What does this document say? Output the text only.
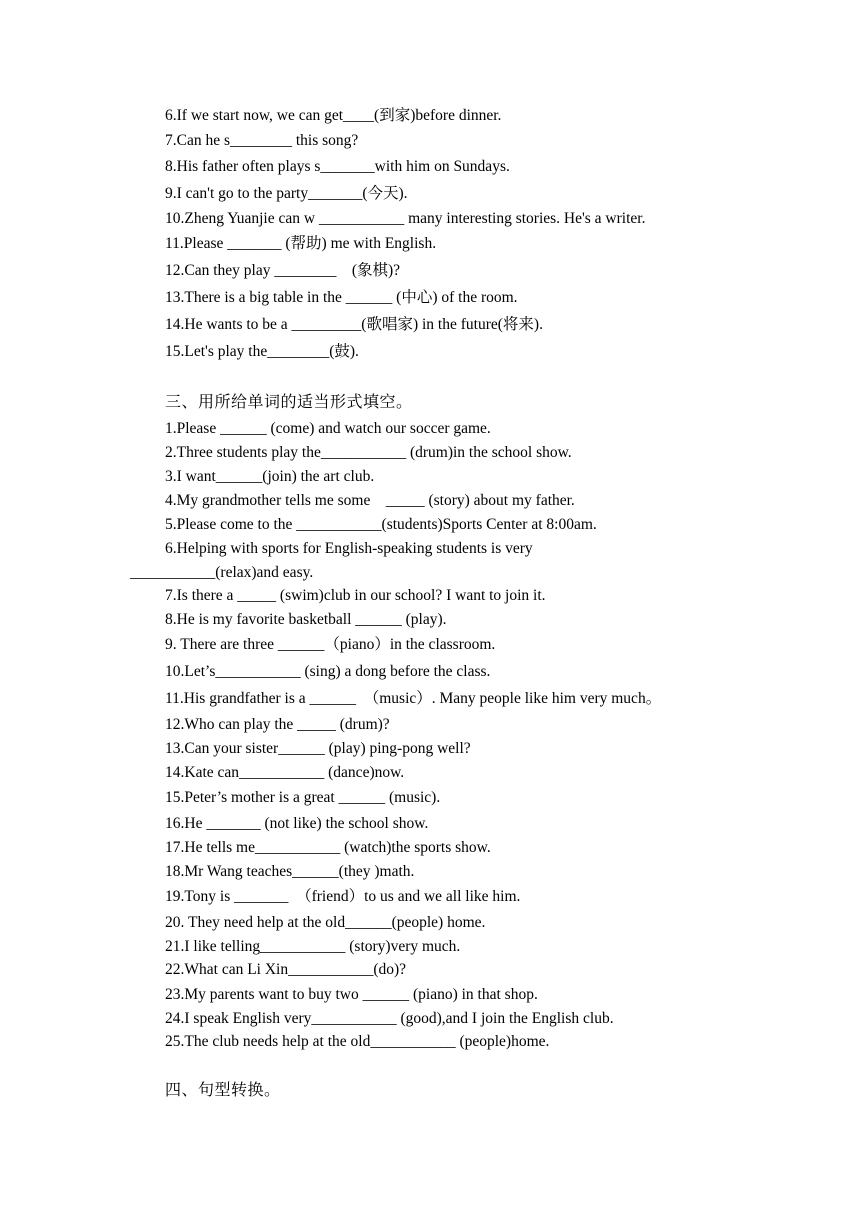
6.If we start now, we can get____(到家)before dinner.
7.Can he s________ this song?
8.His father often plays s_______with him on Sundays.
9.I can't go to the party_______(今天).
10.Zheng Yuanjie can w ___________ many interesting stories. He's a writer.
11.Please _______ (帮助) me with English.
12.Can they play ________    (象棋)?
13.There is a big table in the ______ (中心) of the room.
14.He wants to be a _________(歌唱家) in the future(将来).
15.Let's play the________(鼓).
三、用所给单词的适当形式填空。
1.Please ______ (come) and watch our soccer game.
2.Three students play the___________ (drum)in the school show.
3.I want______(join) the art club.
4.My grandmother tells me some    _____ (story) about my father.
5.Please come to the ___________(students)Sports Center at 8:00am.
6.Helping with sports for English-speaking students is very
___________(relax)and easy.
7.Is there a _____ (swim)club in our school? I want to join it.
8.He is my favorite basketball ______ (play).
9. There are three ______（piano）in the classroom.
10.Let’s___________ (sing) a dong before the class.
11.His grandfather is a ______  （music）. Many people like him very much。
12.Who can play the _____ (drum)?
13.Can your sister______ (play) ping-pong well?
14.Kate can___________ (dance)now.
15.Peter’s mother is a great ______ (music).
16.He _______ (not like) the school show.
17.He tells me___________ (watch)the sports show.
18.Mr Wang teaches______(they )math.
19.Tony is _______  （friend）to us and we all like him.
20. They need help at the old______(people) home.
21.I like telling___________ (story)very much.
22.What can Li Xin___________(do)?
23.My parents want to buy two ______ (piano) in that shop.
24.I speak English very___________ (good),and I join the English club.
25.The club needs help at the old___________ (people)home.
四、句型转换。
